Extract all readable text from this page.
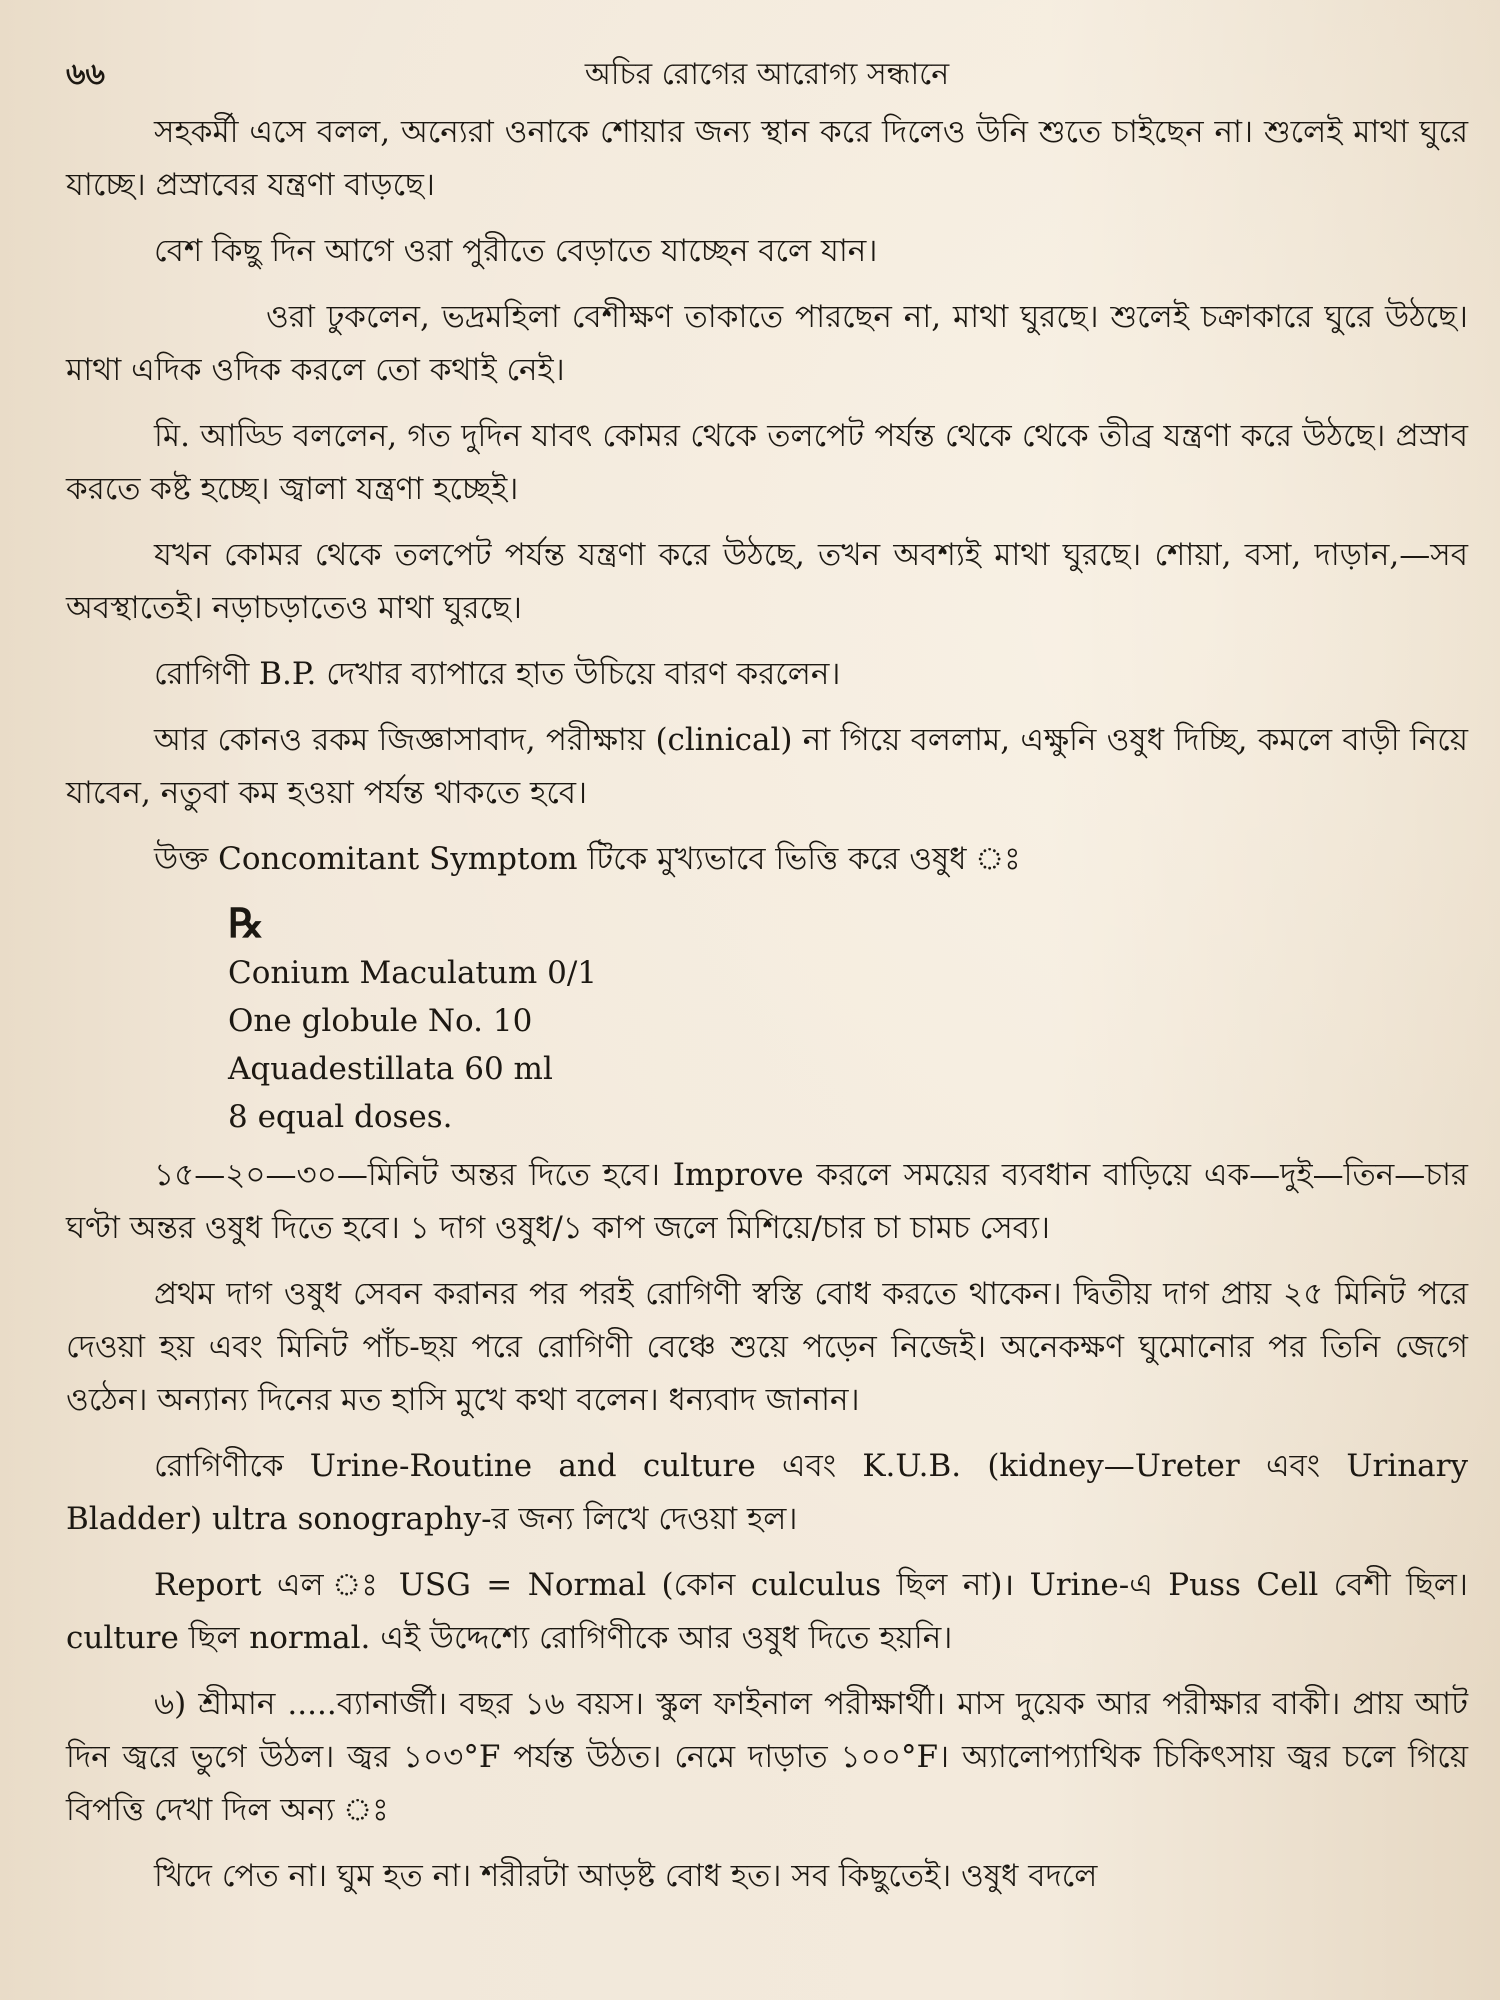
৬৬	অচির রোগের আরোগ্য সন্ধানে

সহকর্মী এসে বলল, অন্যেরা ওনাকে শোয়ার জন্য স্থান করে দিলেও উনি শুতে চাইছেন না। শুলেই মাথা ঘুরে যাচ্ছে। প্রস্রাবের যন্ত্রণা বাড়ছে।

বেশ কিছু দিন আগে ওরা পুরীতে বেড়াতে যাচ্ছেন বলে যান।

ওরা ঢুকলেন, ভদ্রমহিলা বেশীক্ষণ তাকাতে পারছেন না, মাথা ঘুরছে। শুলেই চক্রাকারে ঘুরে উঠছে। মাথা এদিক ওদিক করলে তো কথাই নেই।

মি. আড্ডি বললেন, গত দুদিন যাবৎ কোমর থেকে তলপেট পর্যন্ত থেকে থেকে তীব্র যন্ত্রণা করে উঠছে। প্রস্রাব করতে কষ্ট হচ্ছে। জ্বালা যন্ত্রণা হচ্ছেই।

যখন কোমর থেকে তলপেট পর্যন্ত যন্ত্রণা করে উঠছে, তখন অবশ্যই মাথা ঘুরছে। শোয়া, বসা, দাড়ান,—সব অবস্থাতেই। নড়াচড়াতেও মাথা ঘুরছে।

রোগিণী B.P. দেখার ব্যাপারে হাত উচিয়ে বারণ করলেন।

আর কোনও রকম জিজ্ঞাসাবাদ, পরীক্ষায় (clinical) না গিয়ে বললাম, এক্ষুনি ওষুধ দিচ্ছি, কমলে বাড়ী নিয়ে যাবেন, নতুবা কম হওয়া পর্যন্ত থাকতে হবে।

উক্ত Concomitant Symptom টিকে মুখ্যভাবে ভিত্তি করে ওষুধ ঃ

℞
Conium Maculatum 0/1
One globule No. 10
Aquadestillata 60 ml
8 equal doses.

১৫—২০—৩০—মিনিট অন্তর দিতে হবে। Improve করলে সময়ের ব্যবধান বাড়িয়ে এক—দুই—তিন—চার ঘণ্টা অন্তর ওষুধ দিতে হবে। ১ দাগ ওষুধ/১ কাপ জলে মিশিয়ে/চার চা চামচ সেব্য।

প্রথম দাগ ওষুধ সেবন করানর পর পরই রোগিণী স্বস্তি বোধ করতে থাকেন। দ্বিতীয় দাগ প্রায় ২৫ মিনিট পরে দেওয়া হয় এবং মিনিট পাঁচ-ছয় পরে রোগিণী বেঞ্চে শুয়ে পড়েন নিজেই। অনেকক্ষণ ঘুমোনোর পর তিনি জেগে ওঠেন। অন্যান্য দিনের মত হাসি মুখে কথা বলেন। ধন্যবাদ জানান।

রোগিণীকে Urine-Routine and culture এবং K.U.B. (kidney—Ureter এবং Urinary Bladder) ultra sonography-র জন্য লিখে দেওয়া হল।

Report এল ঃ USG = Normal (কোন culculus ছিল না)। Urine-এ Puss Cell বেশী ছিল। culture ছিল normal. এই উদ্দেশ্যে রোগিণীকে আর ওষুধ দিতে হয়নি।

৬) শ্রীমান .....ব্যানার্জী। বছর ১৬ বয়স। স্কুল ফাইনাল পরীক্ষার্থী। মাস দুয়েক আর পরীক্ষার বাকী। প্রায় আট দিন জ্বরে ভুগে উঠল। জ্বর ১০৩°F পর্যন্ত উঠত। নেমে দাড়াত ১০০°F। অ্যালোপ্যাথিক চিকিৎসায় জ্বর চলে গিয়ে বিপত্তি দেখা দিল অন্য ঃ

খিদে পেত না। ঘুম হত না। শরীরটা আড়ষ্ট বোধ হত। সব কিছুতেই। ওষুধ বদলে
